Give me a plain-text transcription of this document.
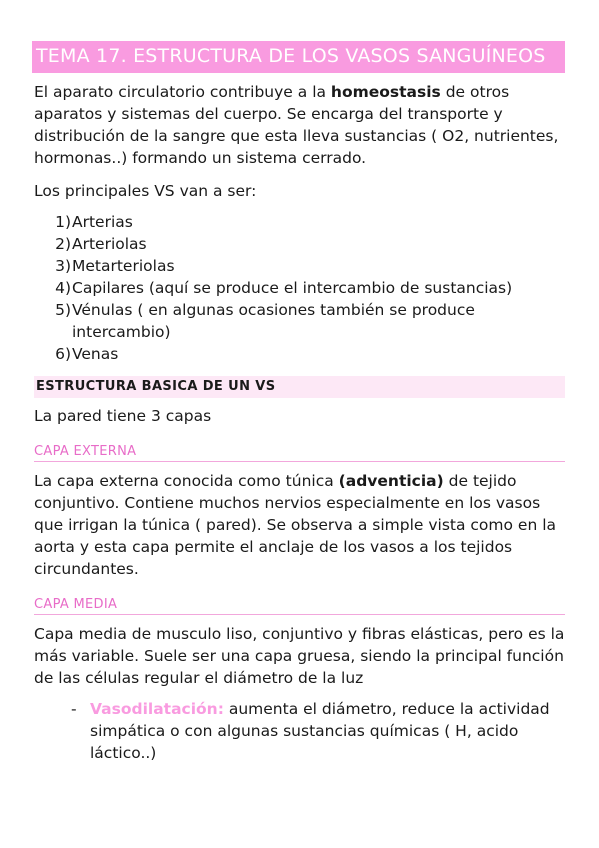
TEMA 17. ESTRUCTURA DE LOS VASOS SANGUÍNEOS

El aparato circulatorio contribuye a la homeostasis de otros aparatos y sistemas del cuerpo. Se encarga del transporte y distribución de la sangre que esta lleva sustancias ( O2, nutrientes, hormonas..) formando un sistema cerrado.

Los principales VS van a ser:

1) Arterias
2) Arteriolas
3) Metarteriolas
4) Capilares (aquí se produce el intercambio de sustancias)
5) Vénulas ( en algunas ocasiones también se produce intercambio)
6) Venas
ESTRUCTURA BASICA DE UN VS

La pared tiene 3 capas

CAPA EXTERNA

La capa externa conocida como túnica (adventicia) de tejido conjuntivo. Contiene muchos nervios especialmente en los vasos que irrigan la túnica ( pared). Se observa a simple vista como en la aorta y esta capa permite el anclaje de los vasos a los tejidos circundantes.

CAPA MEDIA

Capa media de musculo liso, conjuntivo y fibras elásticas, pero es la más variable. Suele ser una capa gruesa, siendo la principal función de las células regular el diámetro de la luz

- Vasodilatación: aumenta el diámetro, reduce la actividad simpática o con algunas sustancias químicas ( H, acido láctico..)
